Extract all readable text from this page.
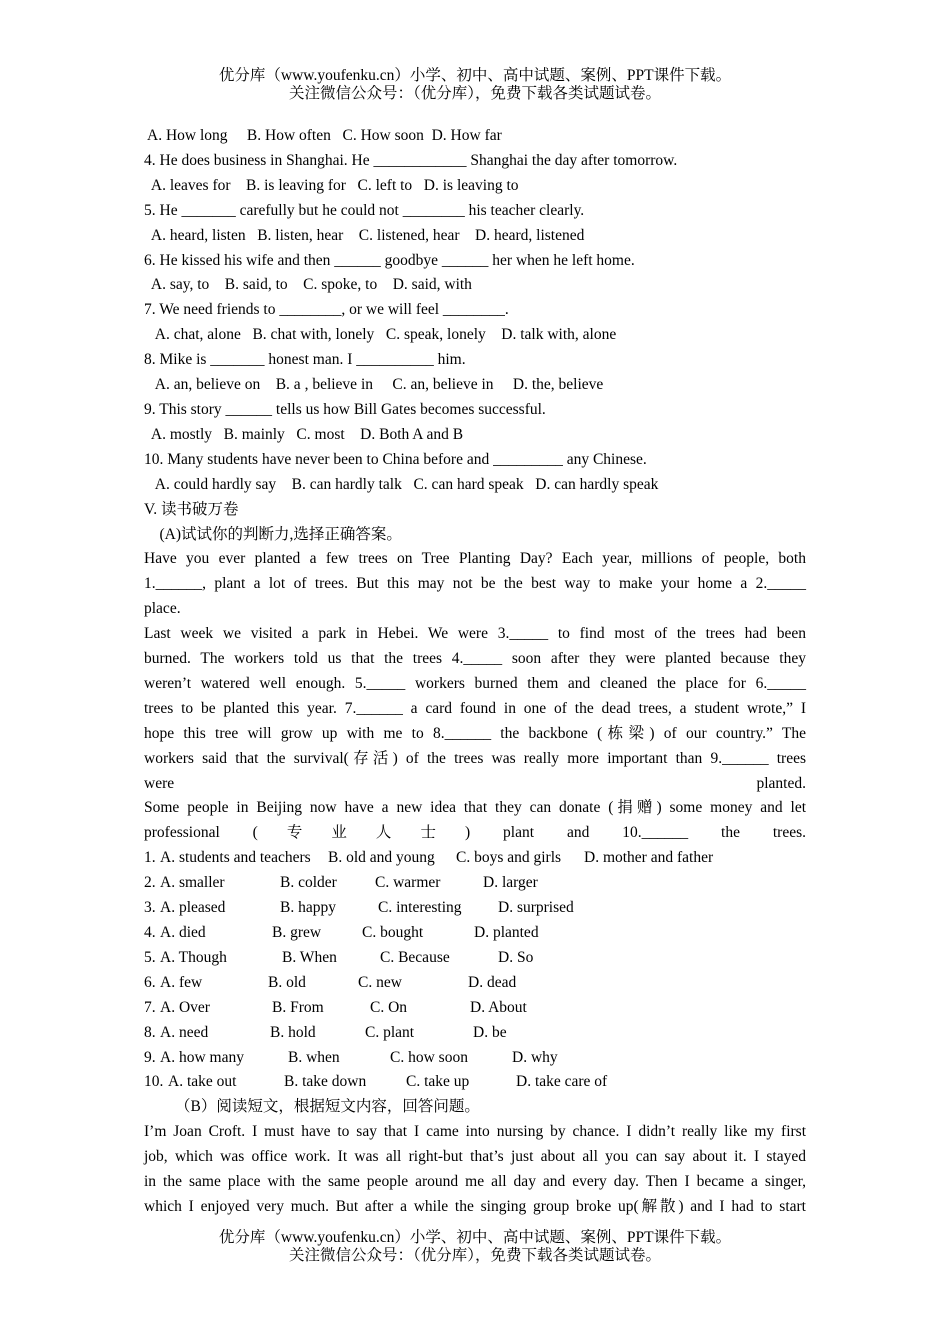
优分库（www.youfenku.cn）小学、初中、高中试题、案例、PPT课件下载。
关注微信公众号：（优分库），免费下载各类试题试卷。
A. How long     B. How often   C. How soon  D. How far
4. He does business in Shanghai. He ____________ Shanghai the day after tomorrow.
A. leaves for    B. is leaving for   C. left to   D. is leaving to
5. He _______ carefully but he could not ________ his teacher clearly.
A. heard, listen   B. listen, hear    C. listened, hear    D. heard, listened
6. He kissed his wife and then ______ goodbye ______ her when he left home.
A. say, to    B. said, to    C. spoke, to    D. said, with
7. We need friends to ________, or we will feel ________.
A. chat, alone   B. chat with, lonely   C. speak, lonely    D. talk with, alone
8. Mike is _______ honest man. I __________ him.
A. an, believe on    B. a , believe in     C. an, believe in     D. the, believe
9. This story ______ tells us how Bill Gates becomes successful.
A. mostly   B. mainly   C. most    D. Both A and B
10. Many students have never been to China before and _________ any Chinese.
A. could hardly say    B. can hardly talk   C. can hard speak   D. can hardly speak
V. 读书破万卷
(A)试试你的判断力,选择正确答案。
Have you ever planted a few trees on Tree Planting Day? Each year, millions of people, both
1.______, plant a lot of trees. But this may not be the best way to make your home a 2._____
place.
Last week we visited a park in Hebei. We were 3._____ to find most of the trees had been
burned. The workers told us that the trees 4._____ soon after they were planted because they
weren’t watered well enough. 5._____ workers burned them and cleaned the place for 6._____
trees to be planted this year. 7.______ a card found in one of the dead trees, a student wrote,” I
hope this tree will grow up with me to 8.______ the backbone (栋梁) of our country.” The
workers said that the survival(存活) of the trees was really more important than 9.______ trees
were planted.
Some people in Beijing now have a new idea that they can donate (捐赠) some money and let
professional (专业人士) plant and 10.______ the trees.
1. A. students and teachers	B. old and young	C. boys and girls	D. mother and father
2. A. smaller	B. colder	C. warmer	D. larger
3. A. pleased	B. happy	C. interesting	D. surprised
4. A. died	B. grew	C. bought	D. planted
5. A. Though	B. When	C. Because	D. So
6. A. few	B. old	C. new	D. dead
7. A. Over	B. From	C. On	D. About
8. A. need	B. hold	C. plant	D. be
9. A. how many	B. when	C. how soon	D. why
10. A. take out	B. take down	C. take up	D. take care of
（B）阅读短文，根据短文内容，回答问题。
I’m Joan Croft. I must have to say that I came into nursing by chance. I didn’t really like my first
job, which was office work. It was all right-but that’s just about all you can say about it. I stayed
in the same place with the same people around me all day and every day. Then I became a singer,
which I enjoyed very much. But after a while the singing group broke up(解散) and I had to start
优分库（www.youfenku.cn）小学、初中、高中试题、案例、PPT课件下载。
关注微信公众号：（优分库），免费下载各类试题试卷。
